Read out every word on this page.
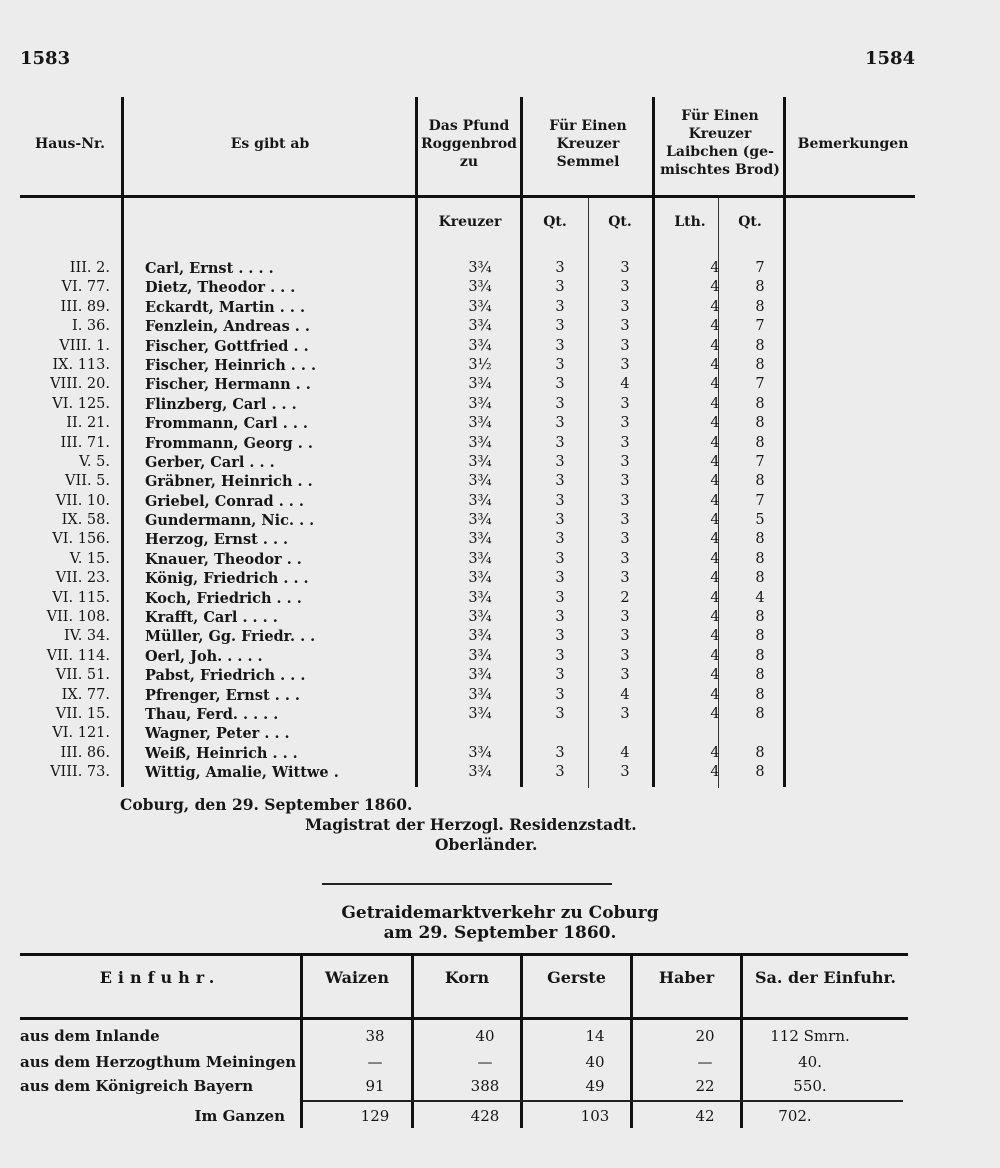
1583	1584
Haus-Nr.	Es gibt ab
Das Pfund
Roggenbrod
zu
Für Einen
Kreuzer
Semmel
Für Einen
Kreuzer
Laibchen (ge-
mischtes Brod)
Bemerkungen
Kreuzer	Qt.	Qt.	Lth.	Qt.
III. 2. Carl, Ernst . . . .	3¾	3	3	4	7
VI. 77. Dietz, Theodor . . .	3¾	3	3	4	8
III. 89. Eckardt, Martin . . .	3¾	3	3	4	8
I. 36. Fenzlein, Andreas . .	3¾	3	3	4	7
VIII. 1. Fischer, Gottfried . .	3¾	3	3	4	8
IX. 113. Fischer, Heinrich . . .	3½	3	3	4	8
VIII. 20. Fischer, Hermann . .	3¾	3	4	4	7
VI. 125. Flinzberg, Carl . . .	3¾	3	3	4	8
II. 21. Frommann, Carl . . .	3¾	3	3	4	8
III. 71. Frommann, Georg . .	3¾	3	3	4	8
V. 5. Gerber, Carl . . .	3¾	3	3	4	7
VII. 5. Gräbner, Heinrich . .	3¾	3	3	4	8
VII. 10. Griebel, Conrad . . .	3¾	3	3	4	7
IX. 58. Gundermann, Nic. . .	3¾	3	3	4	5
VI. 156. Herzog, Ernst . . .	3¾	3	3	4	8
V. 15. Knauer, Theodor . .	3¾	3	3	4	8
VII. 23. König, Friedrich . . .	3¾	3	3	4	8
VI. 115. Koch, Friedrich . . .	3¾	3	2	4	4
VII. 108. Krafft, Carl . . . .	3¾	3	3	4	8
IV. 34. Müller, Gg. Friedr. . .	3¾	3	3	4	8
VII. 114. Oerl, Joh. . . . .	3¾	3	3	4	8
VII. 51. Pabst, Friedrich . . .	3¾	3	3	4	8
IX. 77. Pfrenger, Ernst . . .	3¾	3	4	4	8
VII. 15. Thau, Ferd. . . . .	3¾	3	3	4	8
VI. 121. Wagner, Peter . . .
III. 86. Weiß, Heinrich . . .	3¾	3	4	4	8
VIII. 73. Wittig, Amalie, Wittwe .	3¾	3	3	4	8
Coburg, den 29. September 1860.
Magistrat der Herzogl. Residenzstadt.
Oberländer.
Getraidemarktverkehr zu Coburg
am 29. September 1860.
Einfuhr.	Waizen	Korn	Gerste	Haber	Sa. der Einfuhr.
aus dem Inlande	38	40	14	20	112 Smrn.
aus dem Herzogthum Meiningen	—	—	40	—	40.
aus dem Königreich Bayern	91	388	49	22	550.
Im Ganzen	129	428	103	42	702.
